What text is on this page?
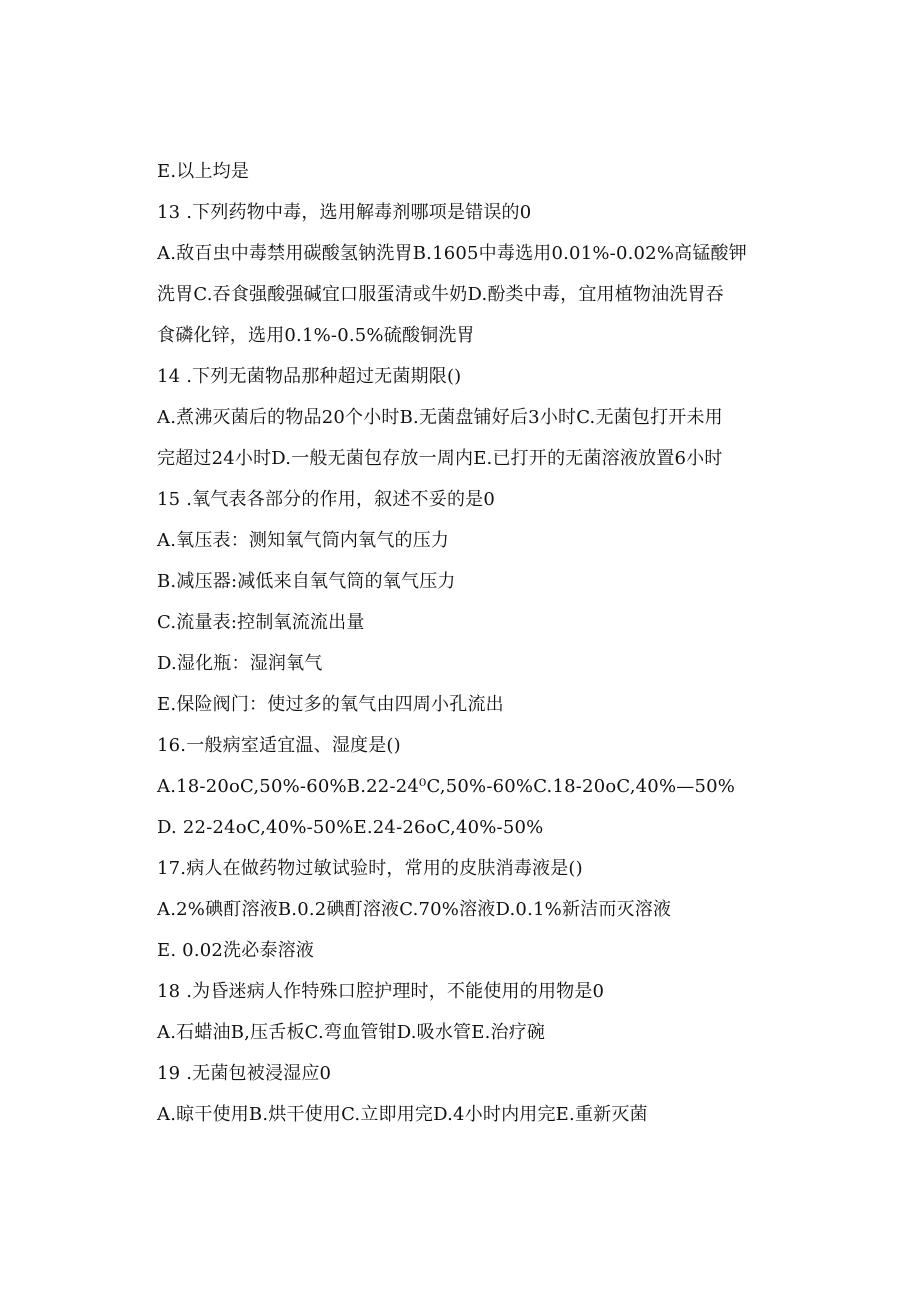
E.以上均是
13 .下列药物中毒，选用解毒剂哪项是错误的0
A.敌百虫中毒禁用碳酸氢钠洗胃B.1605中毒选用0.01%-0.02%高锰酸钾
洗胃C.吞食强酸强碱宜口服蛋清或牛奶D.酚类中毒，宜用植物油洗胃吞
食磷化锌，选用0.1%-0.5%硫酸铜洗胃
14 .下列无菌物品那种超过无菌期限()
A.煮沸灭菌后的物品20个小时B.无菌盘铺好后3小时C.无菌包打开未用
完超过24小时D.一般无菌包存放一周内E.已打开的无菌溶液放置6小时
15 .氧气表各部分的作用，叙述不妥的是0
A.氧压表：测知氧气筒内氧气的压力
B.减压器:减低来自氧气筒的氧气压力
C.流量表:控制氧流流出量
D.湿化瓶：湿润氧气
E.保险阀门：使过多的氧气由四周小孔流出
16.一般病室适宜温、湿度是()
A.18-20oC,50%-60%B.22-24⁰C,50%-60%C.18-20oC,40%—50%
D. 22-24oC,40%-50%E.24-26oC,40%-50%
17.病人在做药物过敏试验时，常用的皮肤消毒液是()
A.2%碘酊溶液B.0.2碘酊溶液C.70%溶液D.0.1%新洁而灭溶液
E. 0.02洗必泰溶液
18 .为昏迷病人作特殊口腔护理时，不能使用的用物是0
A.石蜡油B,压舌板C.弯血管钳D.吸水管E.治疗碗
19 .无菌包被浸湿应0
A.晾干使用B.烘干使用C.立即用完D.4小时内用完E.重新灭菌
